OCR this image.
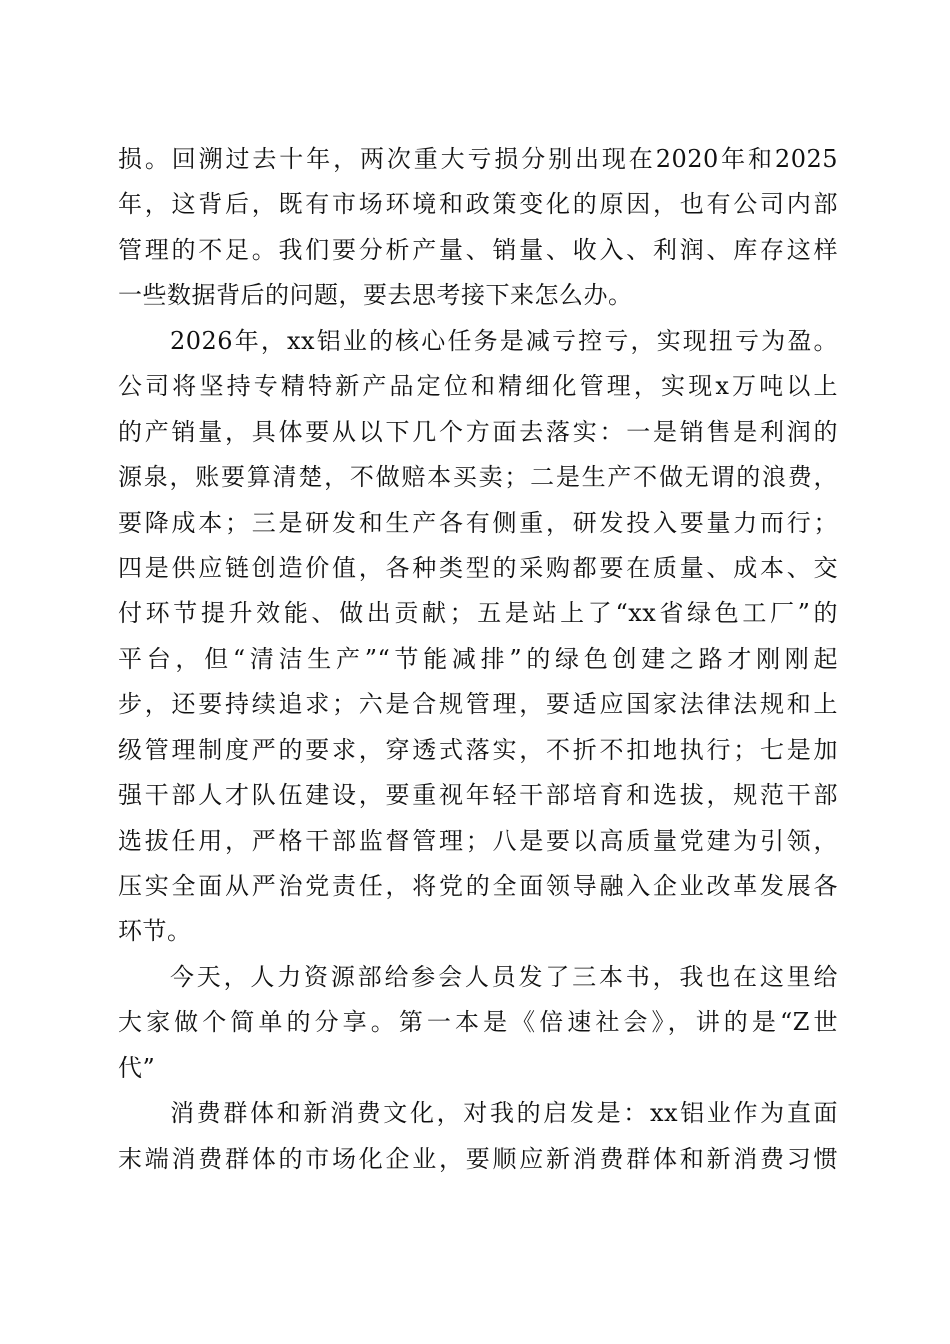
损。回溯过去十年，两次重大亏损分别出现在2020年和2025
年，这背后，既有市场环境和政策变化的原因，也有公司内部
管理的不足。我们要分析产量、销量、收入、利润、库存这样
一些数据背后的问题，要去思考接下来怎么办。
2026年，xx铝业的核心任务是减亏控亏，实现扭亏为盈。
公司将坚持专精特新产品定位和精细化管理，实现x万吨以上
的产销量，具体要从以下几个方面去落实：一是销售是利润的
源泉，账要算清楚，不做赔本买卖；二是生产不做无谓的浪费，
要降成本；三是研发和生产各有侧重，研发投入要量力而行；
四是供应链创造价值，各种类型的采购都要在质量、成本、交
付环节提升效能、做出贡献；五是站上了“xx省绿色工厂”的
平台，但“清洁生产”“节能减排”的绿色创建之路才刚刚起
步，还要持续追求；六是合规管理，要适应国家法律法规和上
级管理制度严的要求，穿透式落实，不折不扣地执行；七是加
强干部人才队伍建设，要重视年轻干部培育和选拔，规范干部
选拔任用，严格干部监督管理；八是要以高质量党建为引领，
压实全面从严治党责任，将党的全面领导融入企业改革发展各
环节。
今天，人力资源部给参会人员发了三本书，我也在这里给
大家做个简单的分享。第一本是《倍速社会》，讲的是“Z世
代”
消费群体和新消费文化，对我的启发是：xx铝业作为直面
末端消费群体的市场化企业，要顺应新消费群体和新消费习惯
